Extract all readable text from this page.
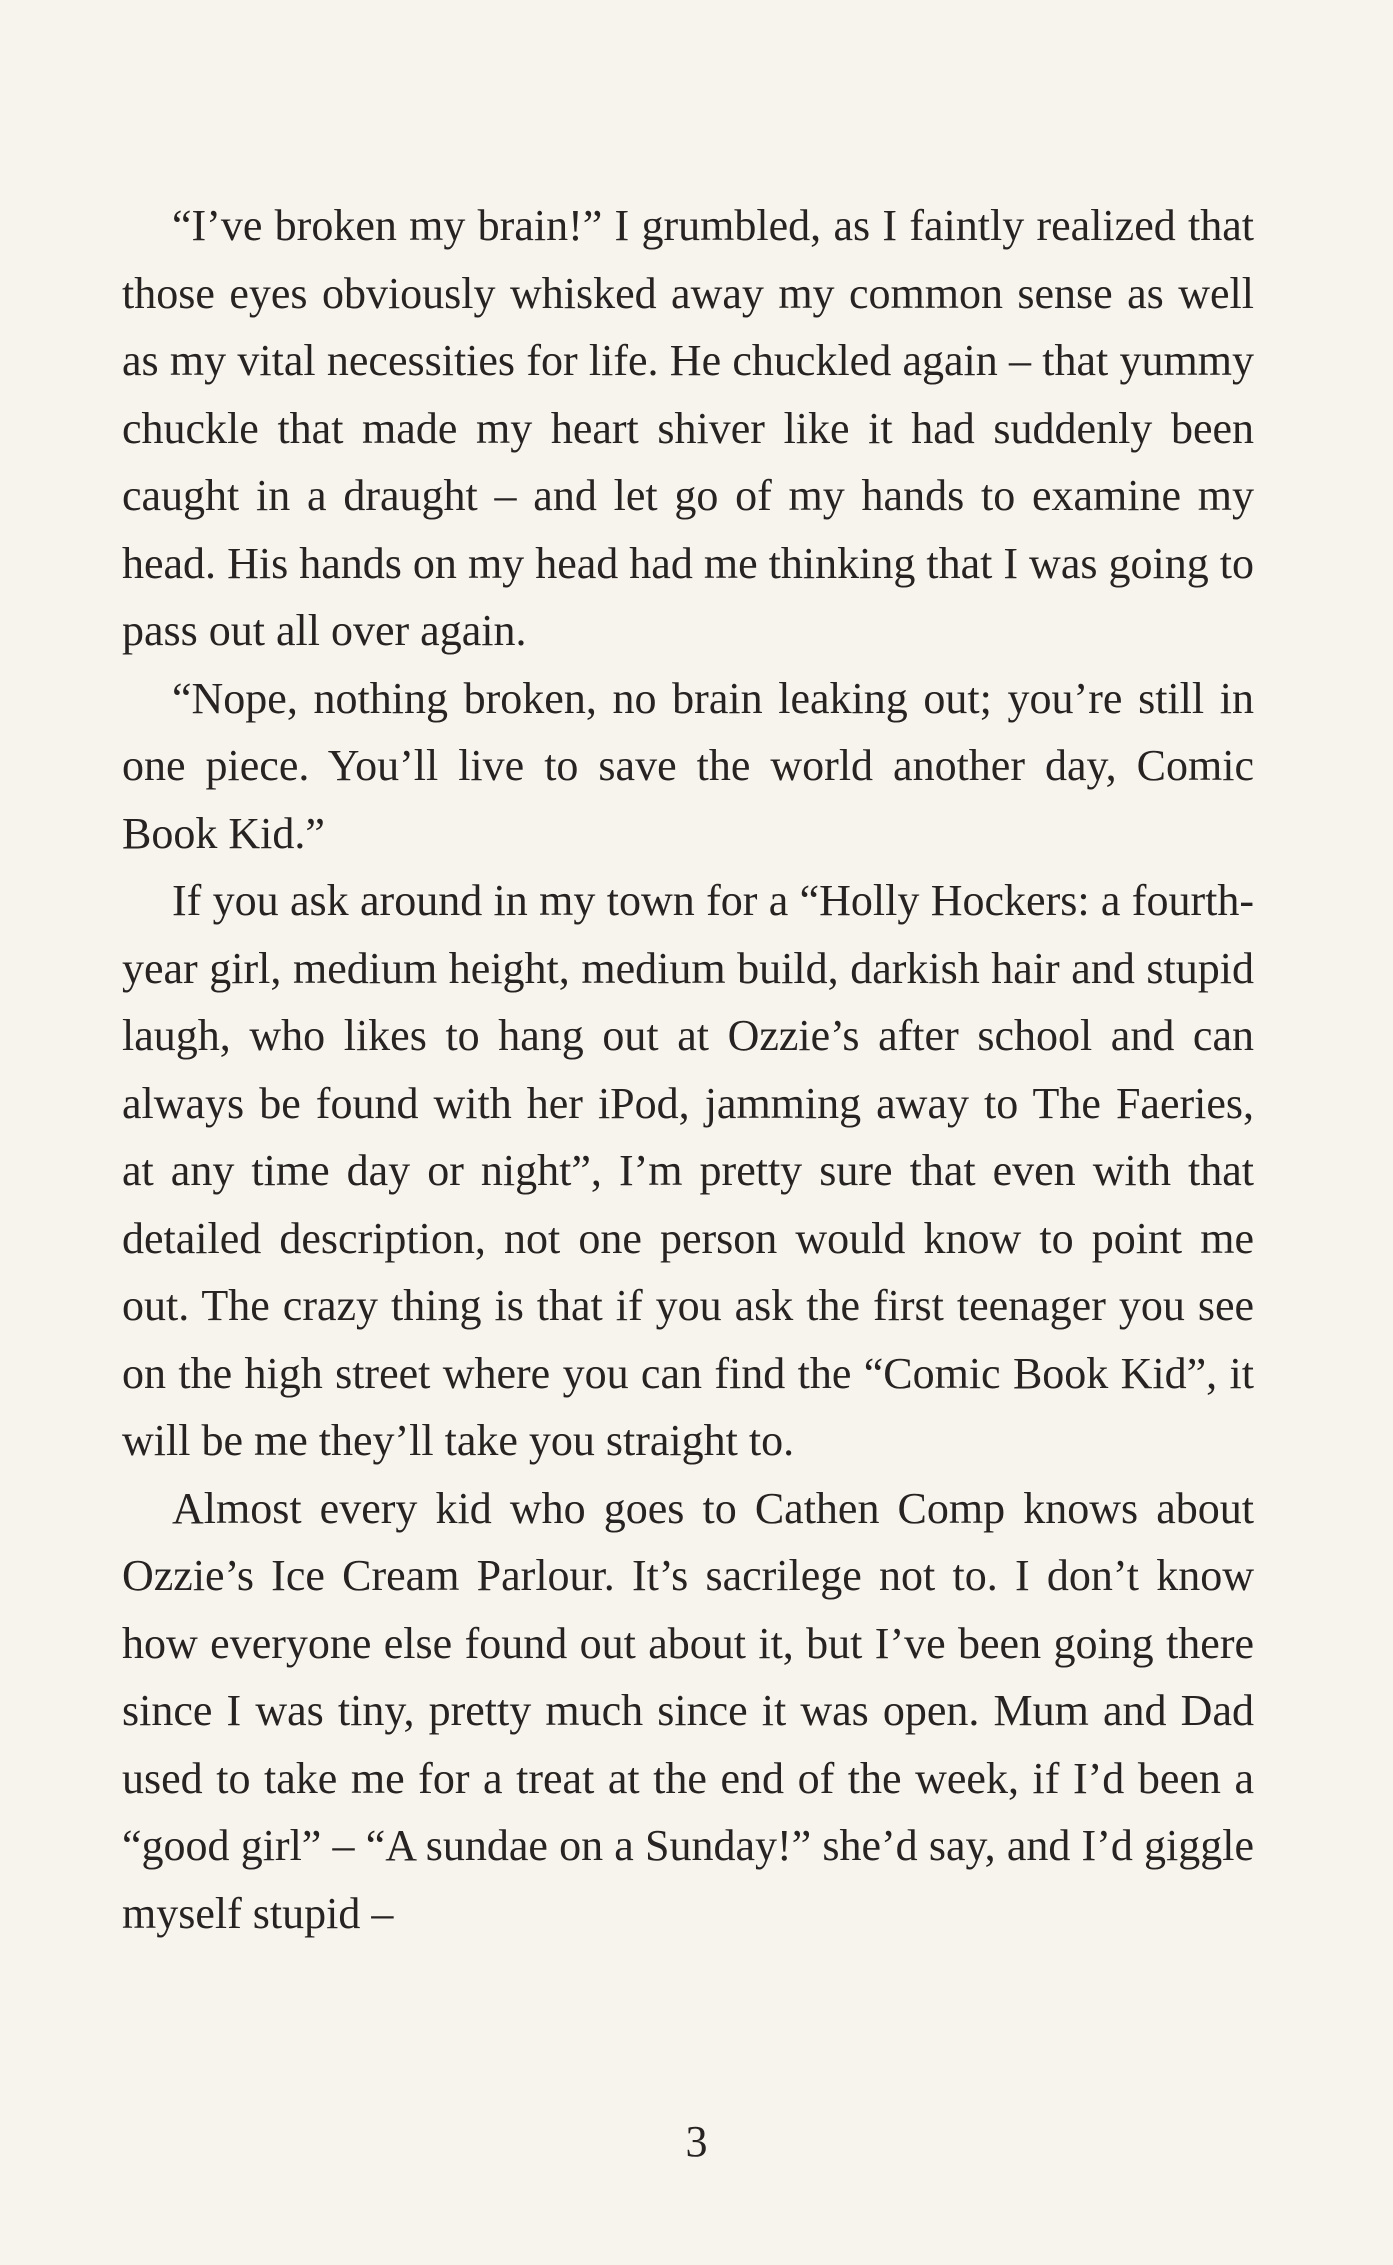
“I’ve broken my brain!” I grumbled, as I faintly realized that those eyes obviously whisked away my common sense as well as my vital necessities for life. He chuckled again – that yummy chuckle that made my heart shiver like it had suddenly been caught in a draught – and let go of my hands to examine my head. His hands on my head had me thinking that I was going to pass out all over again.

“Nope, nothing broken, no brain leaking out; you’re still in one piece. You’ll live to save the world another day, Comic Book Kid.”

If you ask around in my town for a “Holly Hockers: a fourth-year girl, medium height, medium build, darkish hair and stupid laugh, who likes to hang out at Ozzie’s after school and can always be found with her iPod, jamming away to The Faeries, at any time day or night”, I’m pretty sure that even with that detailed description, not one person would know to point me out. The crazy thing is that if you ask the first teenager you see on the high street where you can find the “Comic Book Kid”, it will be me they’ll take you straight to.

Almost every kid who goes to Cathen Comp knows about Ozzie’s Ice Cream Parlour. It’s sacrilege not to. I don’t know how everyone else found out about it, but I’ve been going there since I was tiny, pretty much since it was open. Mum and Dad used to take me for a treat at the end of the week, if I’d been a “good girl” – “A sundae on a Sunday!” she’d say, and I’d giggle myself stupid –

3
